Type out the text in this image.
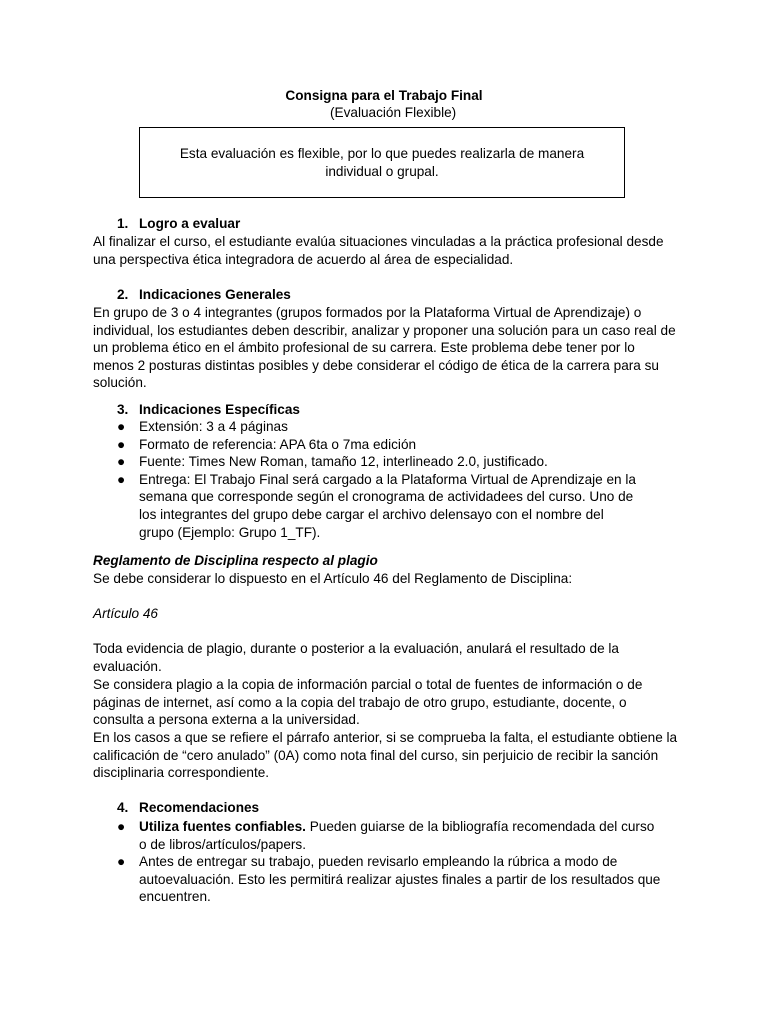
Consigna para el Trabajo Final

(Evaluación Flexible)

Esta evaluación es flexible, por lo que puedes realizarla de manera individual o grupal.

1. Logro a evaluar

Al finalizar el curso, el estudiante evalúa situaciones vinculadas a la práctica profesional desde una perspectiva ética integradora de acuerdo al área de especialidad.

2. Indicaciones Generales

En grupo de 3 o 4 integrantes (grupos formados por la Plataforma Virtual de Aprendizaje) o individual, los estudiantes deben describir, analizar y proponer una solución para un caso real de un problema ético en el ámbito profesional de su carrera. Este problema debe tener por lo menos 2 posturas distintas posibles y debe considerar el código de ética de la carrera para su solución.

3. Indicaciones Específicas

● Extensión: 3 a 4 páginas
● Formato de referencia: APA 6ta o 7ma edición
● Fuente: Times New Roman, tamaño 12, interlineado 2.0, justificado.
● Entrega: El Trabajo Final será cargado a la Plataforma Virtual de Aprendizaje en la semana que corresponde según el cronograma de actividadees del curso. Uno de los integrantes del grupo debe cargar el archivo delensayo con el nombre del grupo (Ejemplo: Grupo 1_TF).

Reglamento de Disciplina respecto al plagio

Se debe considerar lo dispuesto en el Artículo 46 del Reglamento de Disciplina:

Artículo 46

Toda evidencia de plagio, durante o posterior a la evaluación, anulará el resultado de la evaluación.

Se considera plagio a la copia de información parcial o total de fuentes de información o de páginas de internet, así como a la copia del trabajo de otro grupo, estudiante, docente, o consulta a persona externa a la universidad.

En los casos a que se refiere el párrafo anterior, si se comprueba la falta, el estudiante obtiene la calificación de “cero anulado” (0A) como nota final del curso, sin perjuicio de recibir la sanción disciplinaria correspondiente.

4. Recomendaciones

● Utiliza fuentes confiables. Pueden guiarse de la bibliografía recomendada del curso o de libros/artículos/papers.
● Antes de entregar su trabajo, pueden revisarlo empleando la rúbrica a modo de autoevaluación. Esto les permitirá realizar ajustes finales a partir de los resultados que encuentren.
